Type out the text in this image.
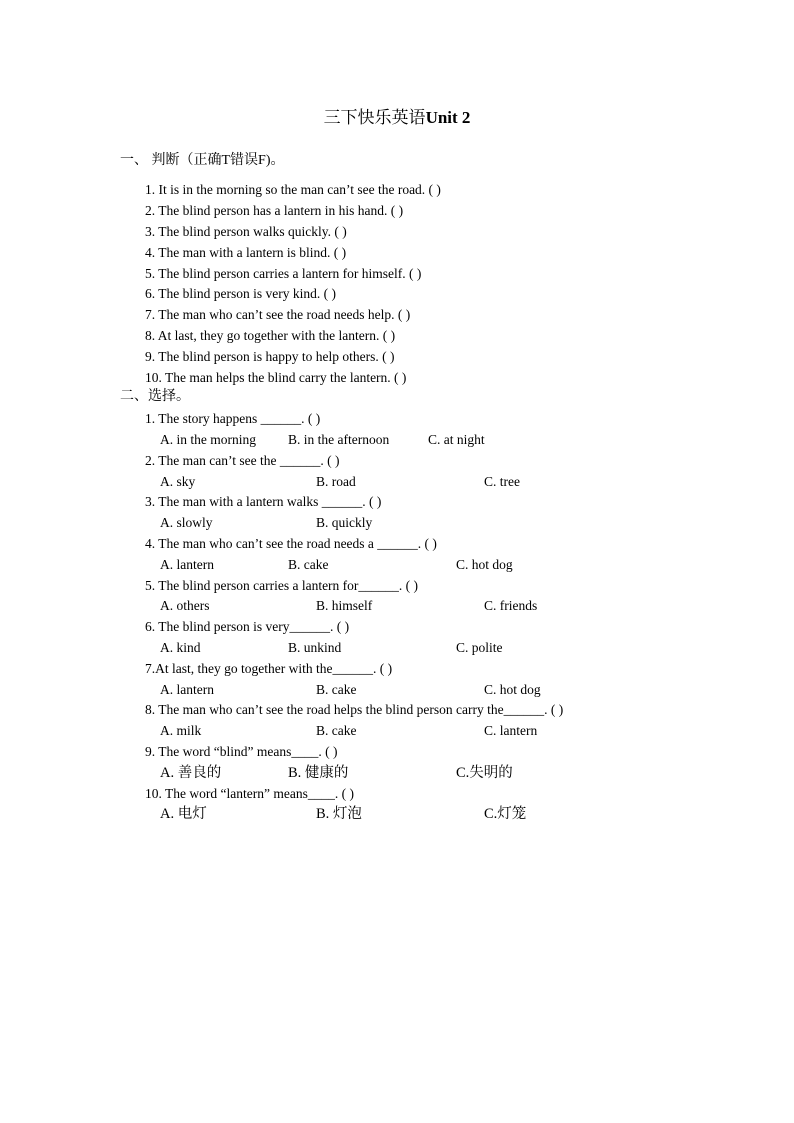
三下快乐英语Unit 2
一、 判断（正确T错误F)。
1. It is in the morning so the man can’t see the road. ( )
2. The blind person has a lantern in his hand. ( )
3. The blind person walks quickly. ( )
4. The man with a lantern is blind. ( )
5. The blind person carries a lantern for himself. ( )
6. The blind person is very kind. ( )
7. The man who can’t see the road needs help. ( )
8. At last, they go together with the lantern. ( )
9. The blind person is happy to help others. ( )
10. The man helps the blind carry the lantern. ( )
二、选择。
1. The story happens ______. ( )
A. in the morning B. in the afternoon	C. at night
2. The man can’t see the ______. ( )
A. sky	B. road	C. tree
3. The man with a lantern walks ______. ( )
A. slowly	B. quickly
4. The man who can’t see the road needs a ______. ( )
A. lantern	B. cake	C. hot dog
5. The blind person carries a lantern for______. ( )
A. others	B. himself	C. friends
6. The blind person is very______. ( )
A. kind	B. unkind	C. polite
7.At last, they go together with the______. ( )
A. lantern	B. cake	C. hot dog
8. The man who can’t see the road helps the blind person carry the______. ( )
A. milk	B. cake	C. lantern
9. The word “blind” means____. ( )
A. 善良的	B. 健康的	C.失明的
10. The word “lantern” means____. ( )
A. 电灯	B. 灯泡	C.灯笼
